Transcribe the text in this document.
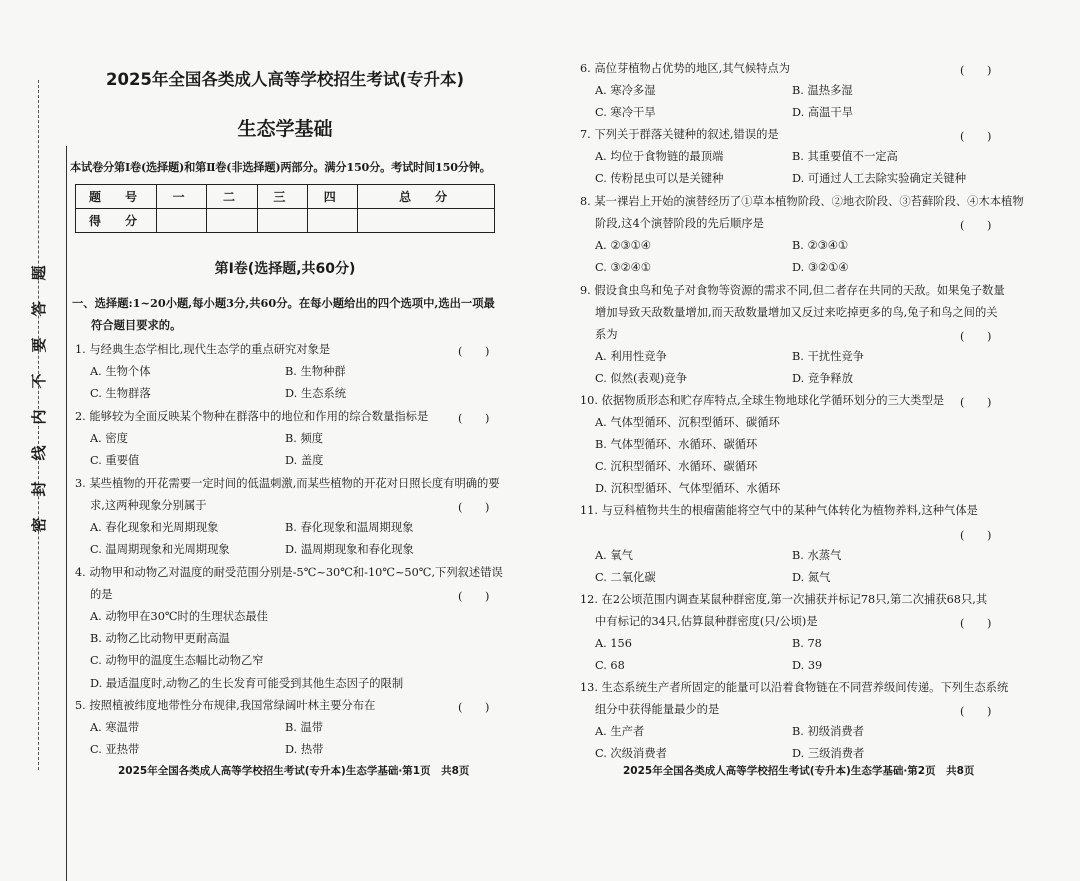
题
答
要
不
内
线
封
密
2025年全国各类成人高等学校招生考试(专升本)
生态学基础
本试卷分第Ⅰ卷(选择题)和第Ⅱ卷(非选择题)两部分。满分150分。考试时间150分钟。
题　号	一	二	三	四	总　分
得　分					
第Ⅰ卷(选择题,共60分)
一、选择题:1~20小题,每小题3分,共60分。在每小题给出的四个选项中,选出一项最
符合题目要求的。
1. 与经典生态学相比,现代生态学的重点研究对象是	(　　)
A. 生物个体	B. 生物种群
C. 生物群落	D. 生态系统
2. 能够较为全面反映某个物种在群落中的地位和作用的综合数量指标是	(　　)
A. 密度	B. 频度
C. 重要值	D. 盖度
3. 某些植物的开花需要一定时间的低温刺激,而某些植物的开花对日照长度有明确的要
求,这两种现象分别属于	(　　)
A. 春化现象和光周期现象	B. 春化现象和温周期现象
C. 温周期现象和光周期现象	D. 温周期现象和春化现象
4. 动物甲和动物乙对温度的耐受范围分别是-5℃~30℃和-10℃~50℃,下列叙述错误
的是	(　　)
A. 动物甲在30℃时的生理状态最佳
B. 动物乙比动物甲更耐高温
C. 动物甲的温度生态幅比动物乙窄
D. 最适温度时,动物乙的生长发育可能受到其他生态因子的限制
5. 按照植被纬度地带性分布规律,我国常绿阔叶林主要分布在	(　　)
A. 寒温带	B. 温带
C. 亚热带	D. 热带
2025年全国各类成人高等学校招生考试(专升本)生态学基础·第1页　共8页
6. 高位芽植物占优势的地区,其气候特点为	(　　)
A. 寒冷多湿	B. 温热多湿
C. 寒冷干旱	D. 高温干旱
7. 下列关于群落关键种的叙述,错误的是	(　　)
A. 均位于食物链的最顶端	B. 其重要值不一定高
C. 传粉昆虫可以是关键种	D. 可通过人工去除实验确定关键种
8. 某一裸岩上开始的演替经历了①草本植物阶段、②地衣阶段、③苔藓阶段、④木本植物
阶段,这4个演替阶段的先后顺序是	(　　)
A. ②③①④	B. ②③④①
C. ③②④①	D. ③②①④
9. 假设食虫鸟和兔子对食物等资源的需求不同,但二者存在共同的天敌。如果兔子数量
增加导致天敌数量增加,而天敌数量增加又反过来吃掉更多的鸟,兔子和鸟之间的关
系为	(　　)
A. 利用性竞争	B. 干扰性竞争
C. 似然(表观)竞争	D. 竞争释放
10. 依据物质形态和贮存库特点,全球生物地球化学循环划分的三大类型是 (　　)
A. 气体型循环、沉积型循环、碳循环
B. 气体型循环、水循环、碳循环
C. 沉积型循环、水循环、碳循环
D. 沉积型循环、气体型循环、水循环
11. 与豆科植物共生的根瘤菌能将空气中的某种气体转化为植物养料,这种气体是
(　　)
A. 氧气	B. 水蒸气
C. 二氧化碳	D. 氮气
12. 在2公顷范围内调查某鼠种群密度,第一次捕获并标记78只,第二次捕获68只,其
中有标记的34只,估算鼠种群密度(只/公顷)是	(　　)
A. 156	B. 78
C. 68	D. 39
13. 生态系统生产者所固定的能量可以沿着食物链在不同营养级间传递。下列生态系统
组分中获得能量最少的是	(　　)
A. 生产者	B. 初级消费者
C. 次级消费者	D. 三级消费者
2025年全国各类成人高等学校招生考试(专升本)生态学基础·第2页　共8页
